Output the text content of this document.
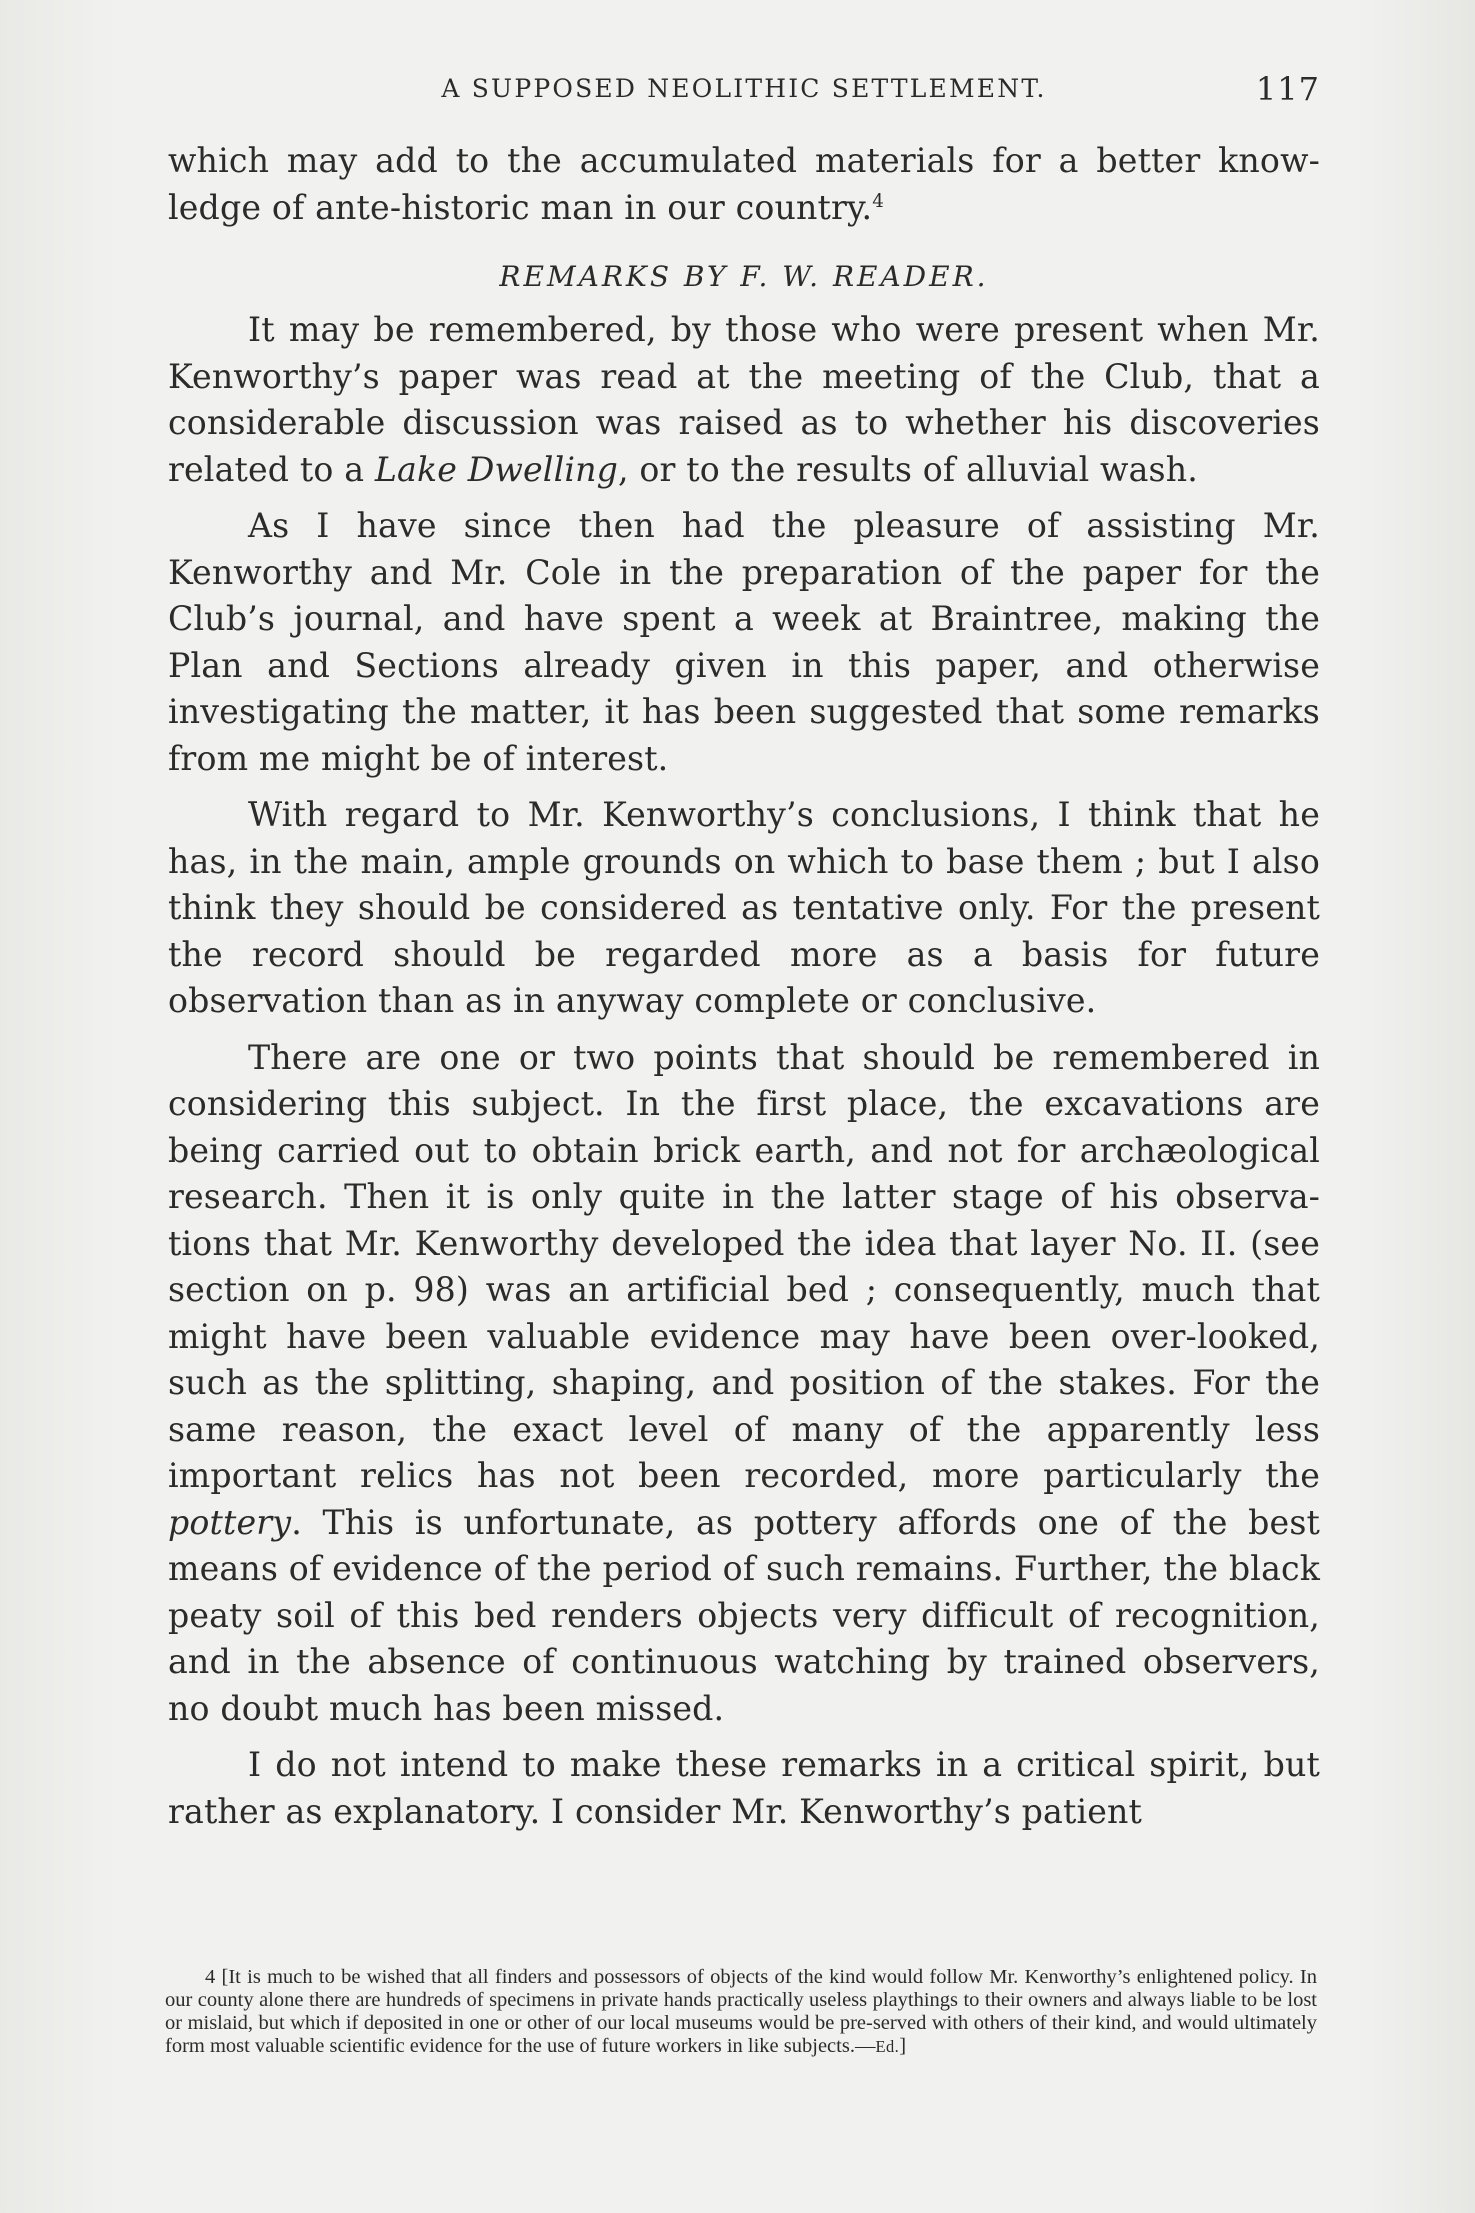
A SUPPOSED NEOLITHIC SETTLEMENT.	117

which may add to the accumulated materials for a better know-ledge of ante-historic man in our country.$^4$

REMARKS BY F. W. READER.

It may be remembered, by those who were present when Mr. Kenworthy’s paper was read at the meeting of the Club, that a considerable discussion was raised as to whether his discoveries related to a Lake Dwelling, or to the results of alluvial wash.

As I have since then had the pleasure of assisting Mr. Kenworthy and Mr. Cole in the preparation of the paper for the Club’s journal, and have spent a week at Braintree, making the Plan and Sections already given in this paper, and otherwise investigating the matter, it has been suggested that some remarks from me might be of interest.

With regard to Mr. Kenworthy’s conclusions, I think that he has, in the main, ample grounds on which to base them ; but I also think they should be considered as tentative only. For the present the record should be regarded more as a basis for future observation than as in anyway complete or conclusive.

There are one or two points that should be remembered in considering this subject. In the first place, the excavations are being carried out to obtain brick earth, and not for archæological research. Then it is only quite in the latter stage of his observa-tions that Mr. Kenworthy developed the idea that layer No. II. (see section on p. 98) was an artificial bed ; consequently, much that might have been valuable evidence may have been over-looked, such as the splitting, shaping, and position of the stakes. For the same reason, the exact level of many of the apparently less important relics has not been recorded, more particularly the pottery. This is unfortunate, as pottery affords one of the best means of evidence of the period of such remains. Further, the black peaty soil of this bed renders objects very difficult of recognition, and in the absence of continuous watching by trained observers, no doubt much has been missed.

I do not intend to make these remarks in a critical spirit, but rather as explanatory. I consider Mr. Kenworthy’s patient

4 [It is much to be wished that all finders and possessors of objects of the kind would follow Mr. Kenworthy’s enlightened policy. In our county alone there are hundreds of specimens in private hands practically useless playthings to their owners and always liable to be lost or mislaid, but which if deposited in one or other of our local museums would be pre-served with others of their kind, and would ultimately form most valuable scientific evidence for the use of future workers in like subjects.—Ed.]
